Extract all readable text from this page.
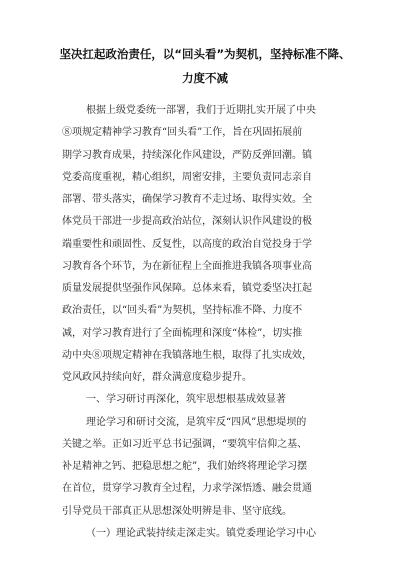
坚决扛起政治责任，以“回头看”为契机，坚持标准不降、
力度不减
根据上级党委统一部署，我们于近期扎实开展了中央
⑧项规定精神学习教育“回头看”工作，旨在巩固拓展前
期学习教育成果，持续深化作风建设，严防反弹回潮。镇
党委高度重视，精心组织，周密安排，主要负责同志亲自
部署、带头落实，确保学习教育不走过场、取得实效。全
体党员干部进一步提高政治站位，深刻认识作风建设的极
端重要性和顽固性、反复性，以高度的政治自觉投身于学
习教育各个环节，为在新征程上全面推进我镇各项事业高
质量发展提供坚强作风保障。总体来看，镇党委坚决扛起
政治责任，以“回头看”为契机，坚持标准不降、力度不
减，对学习教育进行了全面梳理和深度“体检”，切实推
动中央⑧项规定精神在我镇落地生根，取得了扎实成效，
党风政风持续向好，群众满意度稳步提升。
一、学习研讨再深化，筑牢思想根基成效显著
理论学习和研讨交流，是筑牢反“四风”思想堤坝的
关键之举。正如习近平总书记强调，“要筑牢信仰之基、
补足精神之钙、把稳思想之舵”，我们始终将理论学习摆
在首位，贯穿学习教育全过程，力求学深悟透、融会贯通
引导党员干部真正从思想深处明辨是非、坚守底线。
（一）理论武装持续走深走实。镇党委理论学习中心
